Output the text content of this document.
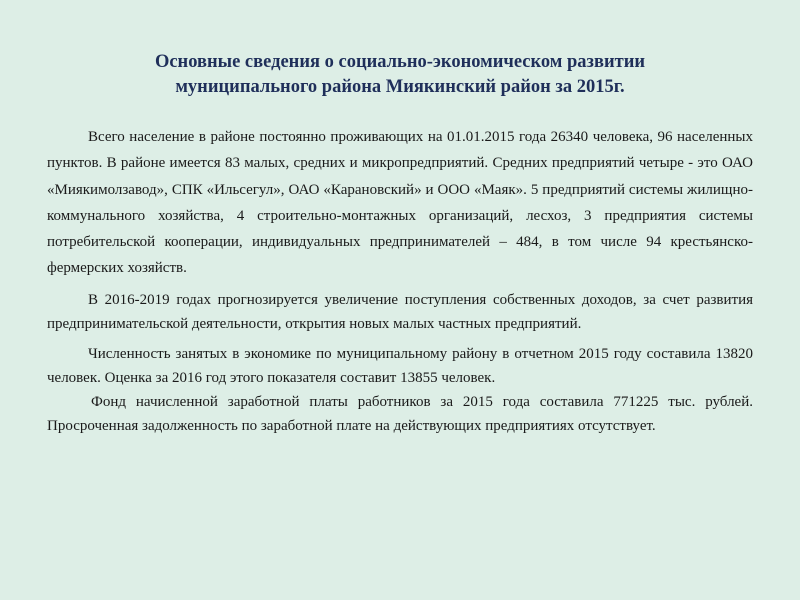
Основные сведения о социально-экономическом развитии
муниципального района Миякинский район за 2015г.

Всего население в районе постоянно проживающих на 01.01.2015 года 26340 человека, 96 населенных пунктов. В районе имеется 83 малых, средних и микропредприятий. Средних предприятий четыре - это ОАО «Миякимолзавод», СПК «Ильсегул», ОАО «Карановский» и ООО «Маяк». 5 предприятий системы жилищно-коммунального хозяйства, 4 строительно-монтажных организаций, лесхоз, 3 предприятия системы потребительской кооперации, индивидуальных предпринимателей – 484, в том числе 94 крестьянско-фермерских хозяйств.

В 2016-2019 годах прогнозируется увеличение поступления собственных доходов, за счет развития предпринимательской деятельности, открытия новых малых частных предприятий.

Численность занятых в экономике по муниципальному району в отчетном 2015 году составила 13820 человек. Оценка за 2016 год этого показателя составит 13855 человек.

Фонд начисленной заработной платы работников за 2015 года составила 771225 тыс. рублей. Просроченная задолженность по заработной плате на действующих предприятиях отсутствует.
